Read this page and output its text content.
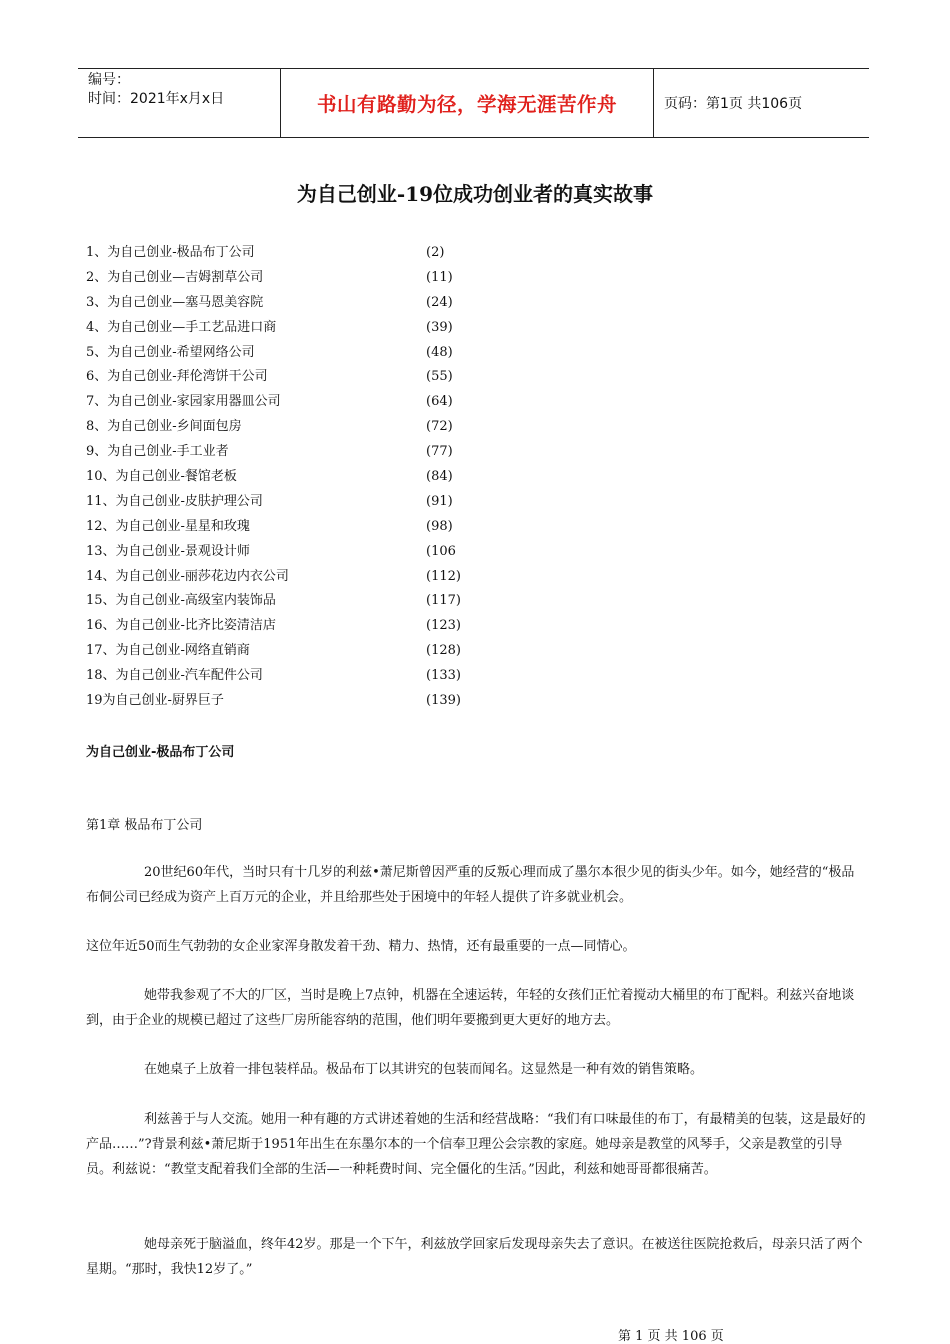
编号：
时间：2021年x月x日	书山有路勤为径，学海无涯苦作舟	页码：第1页 共106页
为自己创业-19位成功创业者的真实故事
1、为自己创业-极品布丁公司	(2)
2、为自己创业—吉姆割草公司	(11)
3、为自己创业—塞马恩美容院	(24)
4、为自己创业—手工艺品进口商	(39)
5、为自己创业-希望网络公司	(48)
6、为自己创业-拜伦湾饼干公司	(55)
7、为自己创业-家园家用器皿公司	(64)
8、为自己创业-乡间面包房	(72)
9、为自己创业-手工业者	(77)
10、为自己创业-餐馆老板	(84)
11、为自己创业-皮肤护理公司	(91)
12、为自己创业-星星和玫瑰	(98)
13、为自己创业-景观设计师	(106
14、为自己创业-丽莎花边内衣公司	(112)
15、为自己创业-高级室内装饰品	(117)
16、为自己创业-比齐比姿清洁店	(123)
17、为自己创业-网络直销商	(128)
18、为自己创业-汽车配件公司	(133)
19为自己创业-厨界巨子	(139)
为自己创业-极品布丁公司
第1章 极品布丁公司

20世纪60年代，当时只有十几岁的利兹•萧尼斯曾因严重的反叛心理而成了墨尔本很少见的街头少年。如今，她经营的“极品布侗公司已经成为资产上百万元的企业，并且给那些处于困境中的年轻人提供了许多就业机会。

这位年近50而生气勃勃的女企业家浑身散发着干劲、精力、热情，还有最重要的一点—同情心。

她带我参观了不大的厂区，当时是晚上7点钟，机器在全速运转，年轻的女孩们正忙着搅动大桶里的布丁配料。利兹兴奋地谈到，由于企业的规模已超过了这些厂房所能容纳的范围，他们明年要搬到更大更好的地方去。

在她桌子上放着一排包装样品。极品布丁以其讲究的包装而闻名。这显然是一种有效的销售策略。

利兹善于与人交流。她用一种有趣的方式讲述着她的生活和经营战略：“我们有口味最佳的布丁，有最精美的包装，这是最好的产品……”?背景利兹•萧尼斯于1951年出生在东墨尔本的一个信奉卫理公会宗教的家庭。她母亲是教堂的风琴手，父亲是教堂的引导员。利兹说：“教堂支配着我们全部的生活—一种耗费时间、完全僵化的生活。”因此，利兹和她哥哥都很痛苦。

她母亲死于脑溢血，终年42岁。那是一个下午，利兹放学回家后发现母亲失去了意识。在被送往医院抢救后，母亲只活了两个星期。“那时，我快12岁了。”

第 1 页 共 106 页
